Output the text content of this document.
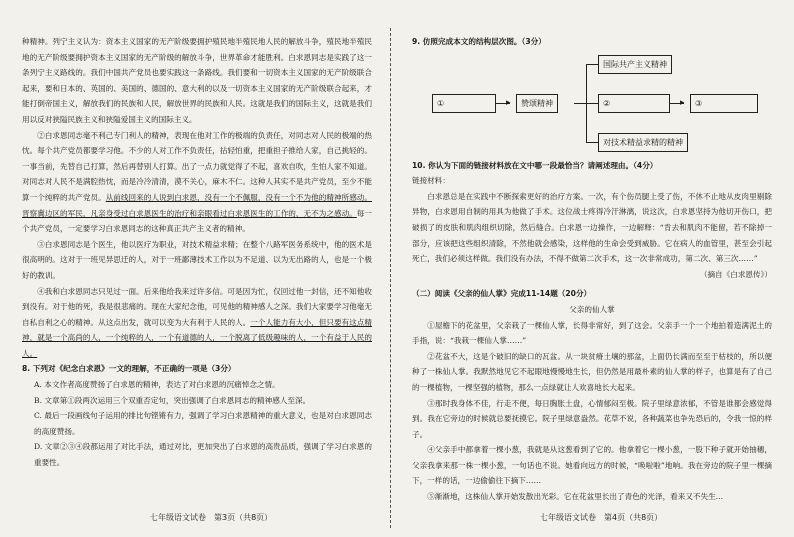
种精神。列宁主义认为：资本主义国家的无产阶级要拥护殖民地半殖民地人民的解放斗争，殖民地半殖民地的无产阶级要拥护资本主义国家的无产阶级的解放斗争，世界革命才能胜利。白求恩同志是实践了这一条列宁主义路线的。我们中国共产党员也要实践这一条路线。我们要和一切资本主义国家的无产阶级联合起来，要和日本的、英国的、美国的、德国的、意大利的以及一切资本主义国家的无产阶级联合起来，才能打倒帝国主义，解放我们的民族和人民，解放世界的民族和人民。这就是我们的国际主义，这就是我们用以反对狭隘民族主义和狭隘爱国主义的国际主义。

②白求恩同志毫不利己专门利人的精神，表现在他对工作的极端的负责任，对同志对人民的极端的热忱。每个共产党员都要学习他。不少的人对工作不负责任，拈轻怕重，把重担子推给人家，自己挑轻的。一事当前，先替自己打算，然后再替别人打算。出了一点力就觉得了不起，喜欢自吹，生怕人家不知道。对同志对人民不是满腔热忱，而是冷冷清清，漠不关心，麻木不仁。这种人其实不是共产党员，至少不能算一个纯粹的共产党员。从前线回来的人说到白求恩，没有一个不佩服，没有一个不为他的精神所感动。晋察冀边区的军民，凡亲身受过白求恩医生的治疗和亲眼看过白求恩医生的工作的，无不为之感动。每一个共产党员，一定要学习白求恩同志的这种真正共产主义者的精神。

③白求恩同志是个医生，他以医疗为职业，对技术精益求精；在整个八路军医务系统中，他的医术是很高明的。这对于一班见异思迁的人，对于一班鄙薄技术工作以为不足道、以为无出路的人，也是一个极好的教训。

④我和白求恩同志只见过一面。后来他给我来过许多信。可是因为忙，仅回过他一封信，还不知他收到没有。对于他的死，我是很悲痛的。现在大家纪念他，可见他的精神感人之深。我们大家要学习他毫无自私自利之心的精神。从这点出发，就可以变为大有利于人民的人。一个人能力有大小，但只要有这点精神，就是一个高尚的人，一个纯粹的人，一个有道德的人，一个脱离了低级趣味的人，一个有益于人民的人。

8. 下列对《纪念白求恩》一文的理解，不正确的一项是（3分）

A. 本文作者高度赞扬了白求恩的精神，表达了对白求恩的沉痛悼念之情。

B. 文章第①段两次运用三个双重否定句，突出强调了白求恩同志的精神感人至深。

C. 最后一段画线句子运用的排比句铿锵有力，强调了学习白求恩精神的重大意义，也是对白求恩同志的高度赞扬。

D. 文章②③④段都运用了对比手法，通过对比，更加突出了白求恩的高贵品质，强调了学习白求恩的重要性。

七年级语文试卷　第3页（共8页）

9. 仿照完成本文的结构层次图。（3分）

①	▸	赞颂精神
国际共产主义精神
②	▸	③
对技术精益求精的精神

10. 你认为下面的链接材料放在文中哪一段最恰当？请阐述理由。（4分）

链接材料：

白求恩总是在实践中不断探索更好的治疗方案。一次，有个伤员腿上受了伤，不休不止地从皮肉里剔除异物，白求恩用自制的用具为他做了手术。这位战士疼得冷汗淋漓，说这次，白求恩坚持为他切开伤口，把破损了的皮肤和肌肉组织切除，然后缝合。白求恩一边操作，一边解释：“肯去和肌肉不能留，若不除掉一部分，应该把这些组织清除，不然他就会感染，这样他的生命会受到威胁。它在病人的血管里，甚至会引起死亡，我们必须这样做。我们没有办法，不得不做第二次手术，这一次非常成功，第二次、第三次……”

（摘自《白求恩传》）

（二）阅读《父亲的仙人掌》完成11-14题（20分）

父亲的仙人掌

①屋檐下的花盆里，父亲栽了一棵仙人掌，长得非常好，到了这会。父亲手一个一个地拍着造满泥土的手指，说：“我栽一棵仙人掌……”

②花盆不大，这是个破旧的缺口的瓦盆。从一块贫瘠土壤的那盆，上面仍长满而至至于枯枝的，所以便种了一株仙人掌。我默然地见它不起眼地慢慢地生长，但仍然是用最朴素的仙人掌的样子，也算是有了自己的一棵植物，一棵坚强的植物，那么一点绿就让人欢喜地长大起来。

③那时我身体不佳，行走不便，每日胸胀土盘，心情郁闷至极。院子里绿意浓郁，不管是谁都会感觉得到。我在它旁边的时候就总要抚摸它。院子里绿意盎然。花草不说，各种蔬菜也争先恐后的，令我一惊的样子。

④父亲手中都拿着一棵小葱，我就是从这葱看到了它的。他拿着它一棵小葱，一股下种子就开始抽穗，父亲我拿来那一株一棵小葱，一句话也不说。她看向远方的时候，“唤啦啦”地响。我在旁边的院子里一棵摘下，一样的话，一边偷偷往下摘下……

⑤渐渐地，这株仙人掌开始发散出光彩。它在花盆里长出了青色的光泽，看来又不失生...

七年级语文试卷　第4页（共8页）
